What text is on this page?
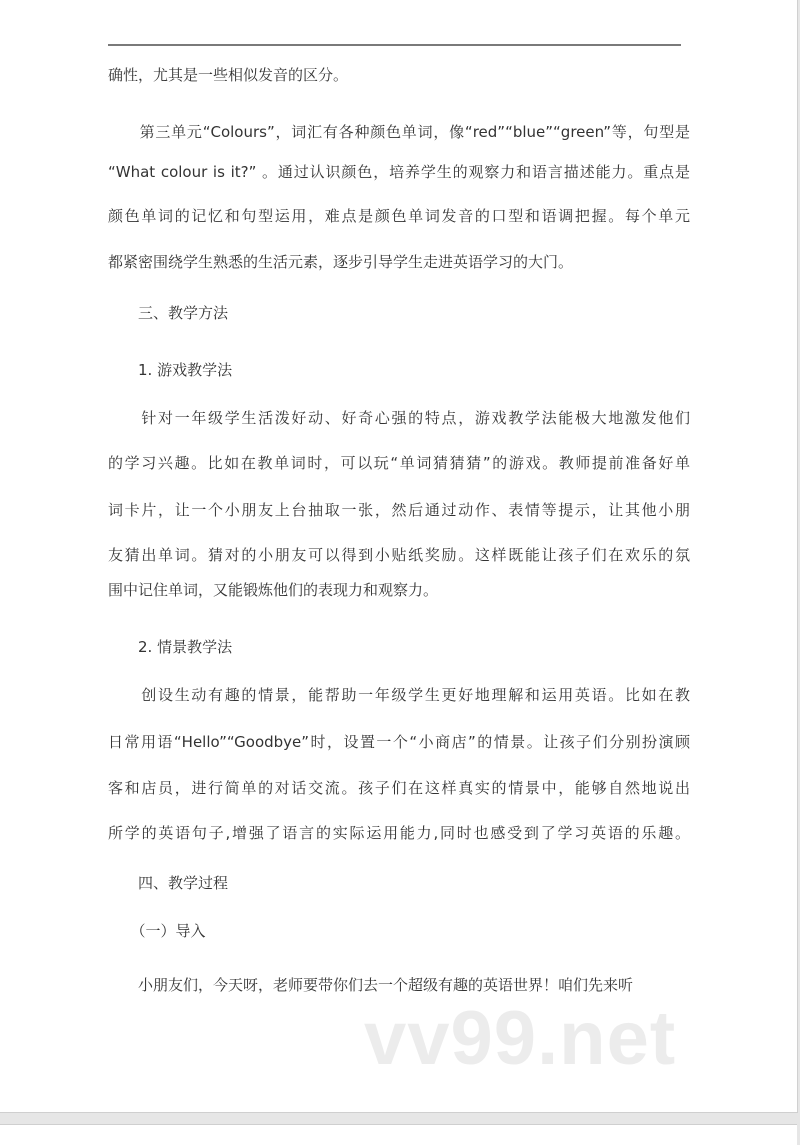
确性，尤其是一些相似发音的区分。
　　第三单元“Colours”，词汇有各种颜色单词，像“red”“blue”“green”等，句型是
“What colour is it?” 。通过认识颜色，培养学生的观察力和语言描述能力。重点是
颜色单词的记忆和句型运用，难点是颜色单词发音的口型和语调把握。每个单元
都紧密围绕学生熟悉的生活元素，逐步引导学生走进英语学习的大门。
　　三、教学方法
　　1. 游戏教学法
　　针对一年级学生活泼好动、好奇心强的特点，游戏教学法能极大地激发他们
的学习兴趣。比如在教单词时，可以玩“单词猜猜猜”的游戏。教师提前准备好单
词卡片，让一个小朋友上台抽取一张，然后通过动作、表情等提示，让其他小朋
友猜出单词。猜对的小朋友可以得到小贴纸奖励。这样既能让孩子们在欢乐的氛
围中记住单词，又能锻炼他们的表现力和观察力。
　　2. 情景教学法
　　创设生动有趣的情景，能帮助一年级学生更好地理解和运用英语。比如在教
日常用语“Hello”“Goodbye”时，设置一个“小商店”的情景。让孩子们分别扮演顾
客和店员，进行简单的对话交流。孩子们在这样真实的情景中，能够自然地说出
所学的英语句子,增强了语言的实际运用能力,同时也感受到了学习英语的乐趣。
　　四、教学过程
　　（一）导入
　　小朋友们，今天呀，老师要带你们去一个超级有趣的英语世界！咱们先来听
vv99.net
